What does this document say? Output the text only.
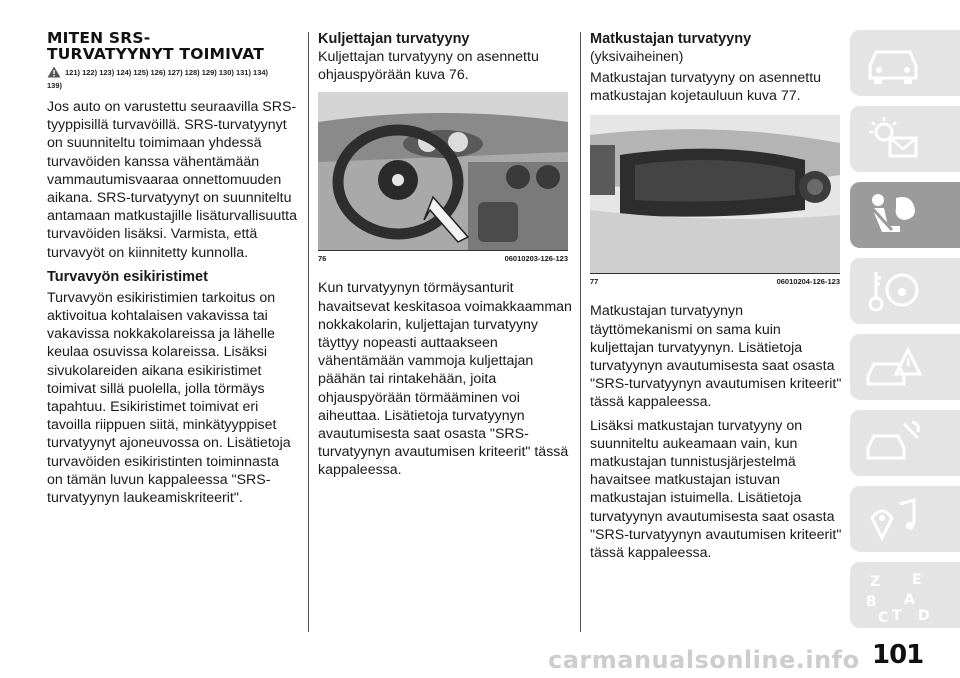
MITEN SRS-
TURVATYYNYT TOIMIVAT
121) 122) 123) 124) 125) 126) 127) 128) 129) 130) 131) 134)
139)

Jos auto on varustettu seuraavilla SRS-tyyppisillä turvavöillä. SRS-turvatyynyt on suunniteltu toimimaan yhdessä turvavöiden kanssa vähentämään vammautumisvaaraa onnettomuuden aikana. SRS-turvatyynyt on suunniteltu antamaan matkustajille lisäturvallisuutta turvavöiden lisäksi. Varmista, että turvavyöt on kiinnitetty kunnolla.

Turvavyön esikiristimet

Turvavyön esikiristimien tarkoitus on aktivoitua kohtalaisen vakavissa tai vakavissa nokkakolareissa ja lähelle keulaa osuvissa kolareissa. Lisäksi sivukolareiden aikana esikiristimet toimivat sillä puolella, jolla törmäys tapahtuu. Esikiristimet toimivat eri tavoilla riippuen siitä, minkätyyppiset turvatyynyt ajoneuvossa on. Lisätietoja turvavöiden esikiristinten toiminnasta on tämän luvun kappaleessa "SRS-turvatyynyn laukeamiskriteerit".

Kuljettajan turvatyyny

Kuljettajan turvatyyny on asennettu ohjauspyörään kuva 76.

76	06010203-126-123

Kun turvatyynyn törmäysanturit havaitsevat keskitasoa voimakkaamman nokkakolarin, kuljettajan turvatyyny täyttyy nopeasti auttaakseen vähentämään vammoja kuljettajan päähän tai rintakehään, joita ohjauspyörään törmääminen voi aiheuttaa. Lisätietoja turvatyynyn avautumisesta saat osasta "SRS-turvatyynyn avautumisen kriteerit" tässä kappaleessa.

Matkustajan turvatyyny
(yksivaiheinen)

Matkustajan turvatyyny on asennettu matkustajan kojetauluun kuva 77.

77	06010204-126-123

Matkustajan turvatyynyn täyttömekanismi on sama kuin kuljettajan turvatyynyn. Lisätietoja turvatyynyn avautumisesta saat osasta "SRS-turvatyynyn avautumisen kriteerit" tässä kappaleessa.

Lisäksi matkustajan turvatyyny on suunniteltu aukeamaan vain, kun matkustajan tunnistusjärjestelmä havaitsee matkustajan istuvan matkustajan istuimella. Lisätietoja turvatyynyn avautumisesta saat osasta "SRS-turvatyynyn avautumisen kriteerit" tässä kappaleessa.

Z E
B A
C T D
carmanualsonline.info 101
